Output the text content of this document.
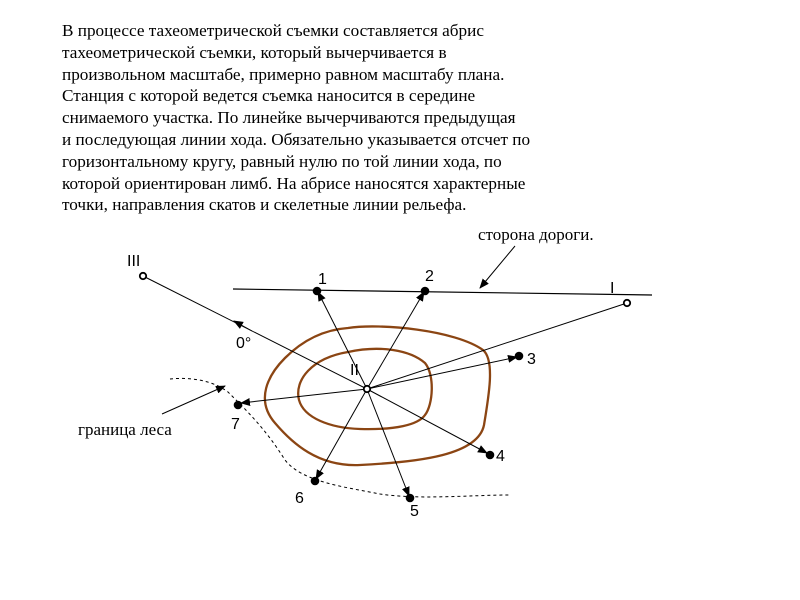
В процессе тахеометрической съемки составляется абрис
тахеометрической съемки, который вычерчивается в
произвольном масштабе, примерно равном масштабу плана.
Станция с которой ведется съемка наносится в середине
снимаемого участка. По линейке вычерчиваются предыдущая
и последующая линии хода. Обязательно указывается отсчет по
горизонтальному кругу, равный нулю по той линии хода, по
которой ориентирован лимб. На абрисе наносятся характерные
точки, направления скатов и скелетные линии рельефа.
III
I
II
0°
1	2
3
4
5
6
7
сторона дороги.
граница леса
